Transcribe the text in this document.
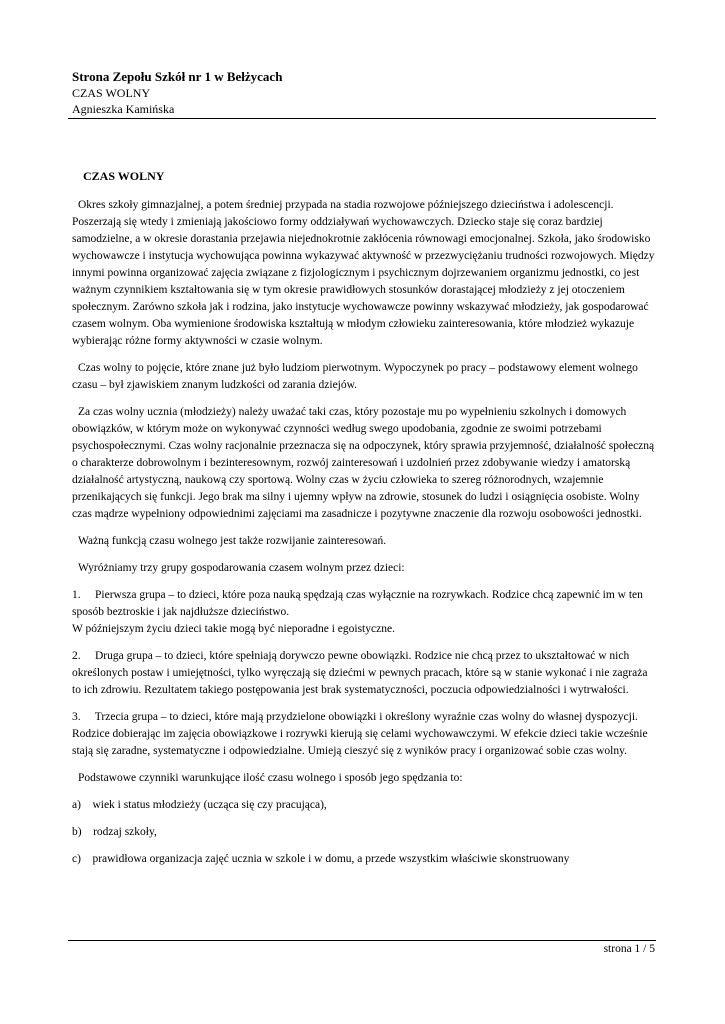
Strona Zepołu Szkół nr 1 w Bełżycach
CZAS WOLNY
Agnieszka Kamińska
CZAS WOLNY

Okres szkoły gimnazjalnej, a potem średniej przypada na stadia rozwojowe późniejszego dzieciństwa i adolescencji. Poszerzają się wtedy i zmieniają jakościowo formy oddziaływań wychowawczych. Dziecko staje się coraz bardziej samodzielne, a w okresie dorastania przejawia niejednokrotnie zakłócenia równowagi emocjonalnej. Szkoła, jako środowisko wychowawcze i instytucja wychowująca powinna wykazywać aktywność w przezwyciężaniu trudności rozwojowych. Między innymi powinna organizować zajęcia związane z fizjologicznym i psychicznym dojrzewaniem organizmu jednostki, co jest ważnym czynnikiem kształtowania się w tym okresie prawidłowych stosunków dorastającej młodzieży z jej otoczeniem społecznym. Zarówno szkoła jak i rodzina, jako instytucje wychowawcze powinny wskazywać młodzieży, jak gospodarować czasem wolnym. Oba wymienione środowiska kształtują w młodym człowieku zainteresowania, które młodzież wykazuje wybierając różne formy aktywności w czasie wolnym.

Czas wolny to pojęcie, które znane już było ludziom pierwotnym. Wypoczynek po pracy – podstawowy element wolnego czasu – był zjawiskiem znanym ludzkości od zarania dziejów.

Za czas wolny ucznia (młodzieży) należy uważać taki czas, który pozostaje mu po wypełnieniu szkolnych i domowych obowiązków, w którym może on wykonywać czynności według swego upodobania, zgodnie ze swoimi potrzebami psychospołecznymi. Czas wolny racjonalnie przeznacza się na odpoczynek, który sprawia przyjemność, działalność społeczną o charakterze dobrowolnym i bezinteresownym, rozwój zainteresowań i uzdolnień przez zdobywanie wiedzy i amatorską działalność artystyczną, naukową czy sportową. Wolny czas w życiu człowieka to szereg różnorodnych, wzajemnie przenikających się funkcji. Jego brak ma silny i ujemny wpływ na zdrowie, stosunek do ludzi i osiągnięcia osobiste. Wolny czas mądrze wypełniony odpowiednimi zajęciami ma zasadnicze i pozytywne znaczenie dla rozwoju osobowości jednostki.

Ważną funkcją czasu wolnego jest także rozwijanie zainteresowań.

Wyróżniamy trzy grupy gospodarowania czasem wolnym przez dzieci:

1. Pierwsza grupa – to dzieci, które poza nauką spędzają czas wyłącznie na rozrywkach. Rodzice chcą zapewnić im w ten sposób beztroskie i jak najdłuższe dzieciństwo.
W późniejszym życiu dzieci takie mogą być nieporadne i egoistyczne.
2. Druga grupa – to dzieci, które spełniają dorywczo pewne obowiązki. Rodzice nie chcą przez to ukształtować w nich określonych postaw i umiejętności, tylko wyręczają się dziećmi w pewnych pracach, które są w stanie wykonać i nie zagraża to ich zdrowiu. Rezultatem takiego postępowania jest brak systematyczności, poczucia odpowiedzialności i wytrwałości.
3. Trzecia grupa – to dzieci, które mają przydzielone obowiązki i określony wyraźnie czas wolny do własnej dyspozycji. Rodzice dobierając im zajęcia obowiązkowe i rozrywki kierują się celami wychowawczymi. W efekcie dzieci takie wcześnie stają się zaradne, systematyczne i odpowiedzialne. Umieją cieszyć się z wyników pracy i organizować sobie czas wolny.

Podstawowe czynniki warunkujące ilość czasu wolnego i sposób jego spędzania to:

a) wiek i status młodzieży (ucząca się czy pracująca),
b) rodzaj szkoły,
c) prawidłowa organizacja zajęć ucznia w szkole i w domu, a przede wszystkim właściwie skonstruowany
strona 1 / 5
